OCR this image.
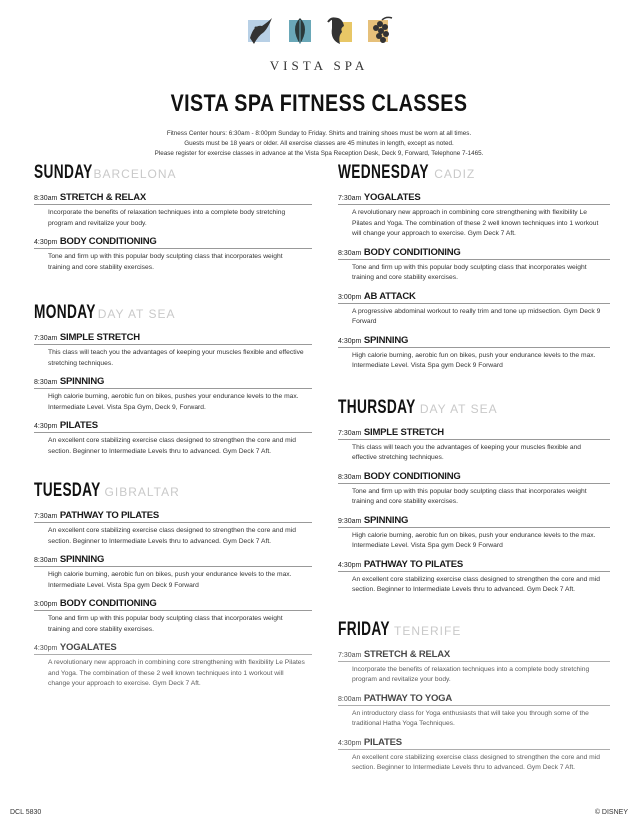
VISTA SPA
VISTA SPA FITNESS CLASSES
Fitness Center hours: 6:30am - 8:00pm Sunday to Friday. Shirts and training shoes must be worn at all times.
Guests must be 18 years or older. All exercise classes are 45 minutes in length, except as noted.
Please register for exercise classes in advance at the Vista Spa Reception Desk, Deck 9, Forward, Telephone 7-1465.
SUNDAYBARCELONA
8:30am STRETCH & RELAX
Incorporate the benefits of relaxation techniques into a complete body stretching program and revitalize your body.
4:30pm BODY CONDITIONING
Tone and firm up with this popular body sculpting class that incorporates weight training and core stability exercises.
MONDAY DAY AT SEA
7:30am SIMPLE STRETCH
This class will teach you the advantages of keeping your muscles flexible and effective stretching techniques.
8:30am SPINNING
High calorie burning, aerobic fun on bikes, pushes your endurance levels to the max. Intermediate Level. Vista Spa Gym, Deck 9, Forward.
4:30pm PILATES
An excellent core stabilizing exercise class designed to strengthen the core and mid section. Beginner to Intermediate Levels thru to advanced. Gym Deck 7 Aft.
TUESDAY GIBRALTAR
7:30am PATHWAY TO PILATES
An excellent core stabilizing exercise class designed to strengthen the core and mid section. Beginner to Intermediate Levels thru to advanced. Gym Deck 7 Aft.
8:30am SPINNING
High calorie burning, aerobic fun on bikes, push your endurance levels to the max. Intermediate Level. Vista Spa gym Deck 9 Forward
3:00pm BODY CONDITIONING
Tone and firm up with this popular body sculpting class that incorporates weight training and core stability exercises.
4:30pm YOGALATES
A revolutionary new approach in combining core strengthening with flexibility Le Pilates and Yoga. The combination of these 2 well known techniques into 1 workout will change your approach to exercise. Gym Deck 7 Aft.
WEDNESDAY CADIZ
7:30am YOGALATES
A revolutionary new approach in combining core strengthening with flexibility Le Pilates and Yoga. The combination of these 2 well known techniques into 1 workout will change your approach to exercise. Gym Deck 7 Aft.
8:30am BODY CONDITIONING
Tone and firm up with this popular body sculpting class that incorporates weight training and core stability exercises.
3:00pm AB ATTACK
A progressive abdominal workout to really trim and tone up midsection. Gym Deck 9 Forward
4:30pm SPINNING
High calorie burning, aerobic fun on bikes, push your endurance levels to the max. Intermediate Level. Vista Spa gym Deck 9 Forward
THURSDAY DAY AT SEA
7:30am SIMPLE STRETCH
This class will teach you the advantages of keeping your muscles flexible and effective stretching techniques.
8:30am BODY CONDITIONING
Tone and firm up with this popular body sculpting class that incorporates weight training and core stability exercises.
9:30am SPINNING
High calorie burning, aerobic fun on bikes, push your endurance levels to the max. Intermediate Level. Vista Spa gym Deck 9 Forward
4:30pm PATHWAY TO PILATES
An excellent core stabilizing exercise class designed to strengthen the core and mid section. Beginner to Intermediate Levels thru to advanced. Gym Deck 7 Aft.
FRIDAY TENERIFE
7:30am STRETCH & RELAX
Incorporate the benefits of relaxation techniques into a complete body stretching program and revitalize your body.
8:00am PATHWAY TO YOGA
An introductory class for Yoga enthusiasts that will take you through some of the traditional Hatha Yoga Techniques.
4:30pm PILATES
An excellent core stabilizing exercise class designed to strengthen the core and mid section. Beginner to Intermediate Levels thru to advanced. Gym Deck 7 Aft.
DCL 5830	© DISNEY
